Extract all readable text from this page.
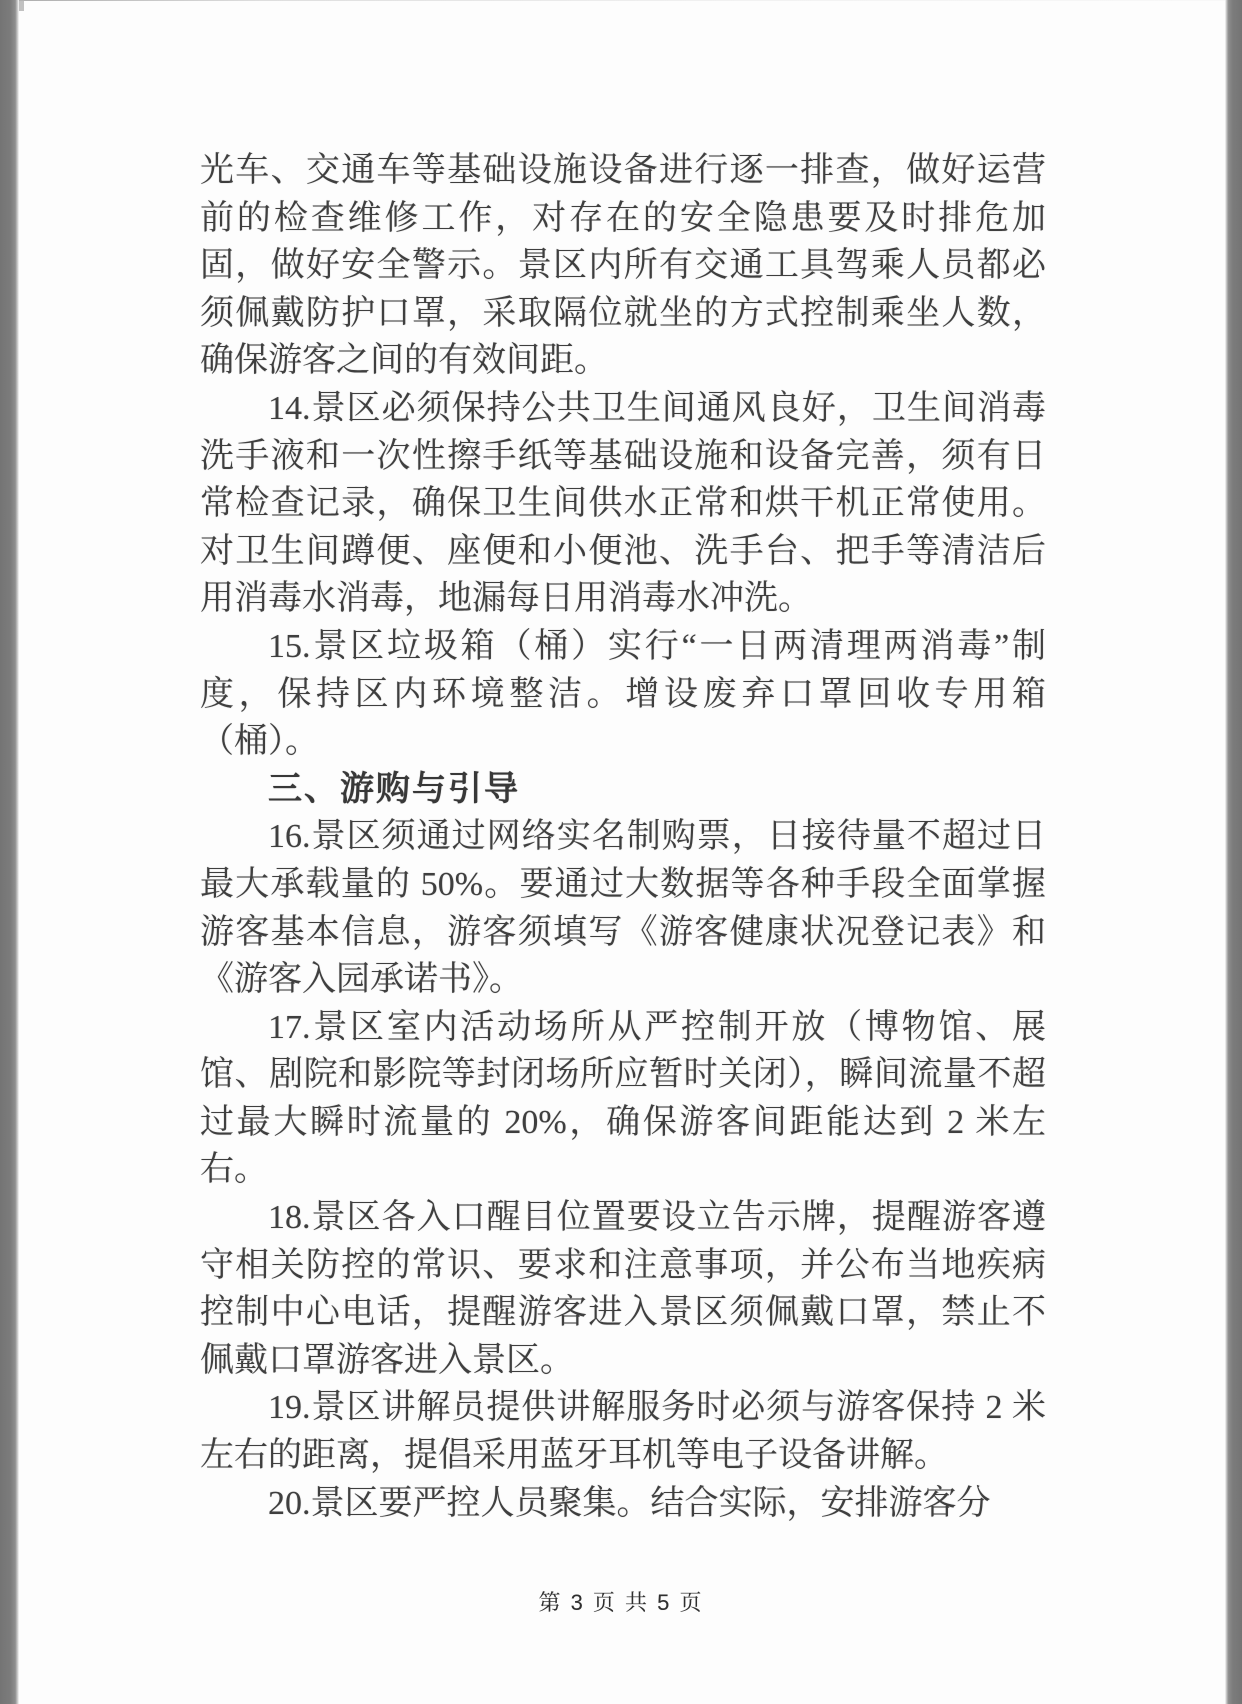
光车、交通车等基础设施设备进行逐一排查，做好运营前的检查维修工作，对存在的安全隐患要及时排危加固，做好安全警示。景区内所有交通工具驾乘人员都必须佩戴防护口罩，采取隔位就坐的方式控制乘坐人数，确保游客之间的有效间距。

14.景区必须保持公共卫生间通风良好，卫生间消毒洗手液和一次性擦手纸等基础设施和设备完善，须有日常检查记录，确保卫生间供水正常和烘干机正常使用。对卫生间蹲便、座便和小便池、洗手台、把手等清洁后用消毒水消毒，地漏每日用消毒水冲洗。

15.景区垃圾箱（桶）实行“一日两清理两消毒”制度，保持区内环境整洁。增设废弃口罩回收专用箱（桶）。

三、游购与引导

16.景区须通过网络实名制购票，日接待量不超过日最大承载量的 50%。要通过大数据等各种手段全面掌握游客基本信息，游客须填写《游客健康状况登记表》和《游客入园承诺书》。

17.景区室内活动场所从严控制开放（博物馆、展馆、剧院和影院等封闭场所应暂时关闭），瞬间流量不超过最大瞬时流量的 20%，确保游客间距能达到 2 米左右。

18.景区各入口醒目位置要设立告示牌，提醒游客遵守相关防控的常识、要求和注意事项，并公布当地疾病控制中心电话，提醒游客进入景区须佩戴口罩，禁止不佩戴口罩游客进入景区。

19.景区讲解员提供讲解服务时必须与游客保持 2 米左右的距离，提倡采用蓝牙耳机等电子设备讲解。

20.景区要严控人员聚集。结合实际，安排游客分

第 3 页 共 5 页
